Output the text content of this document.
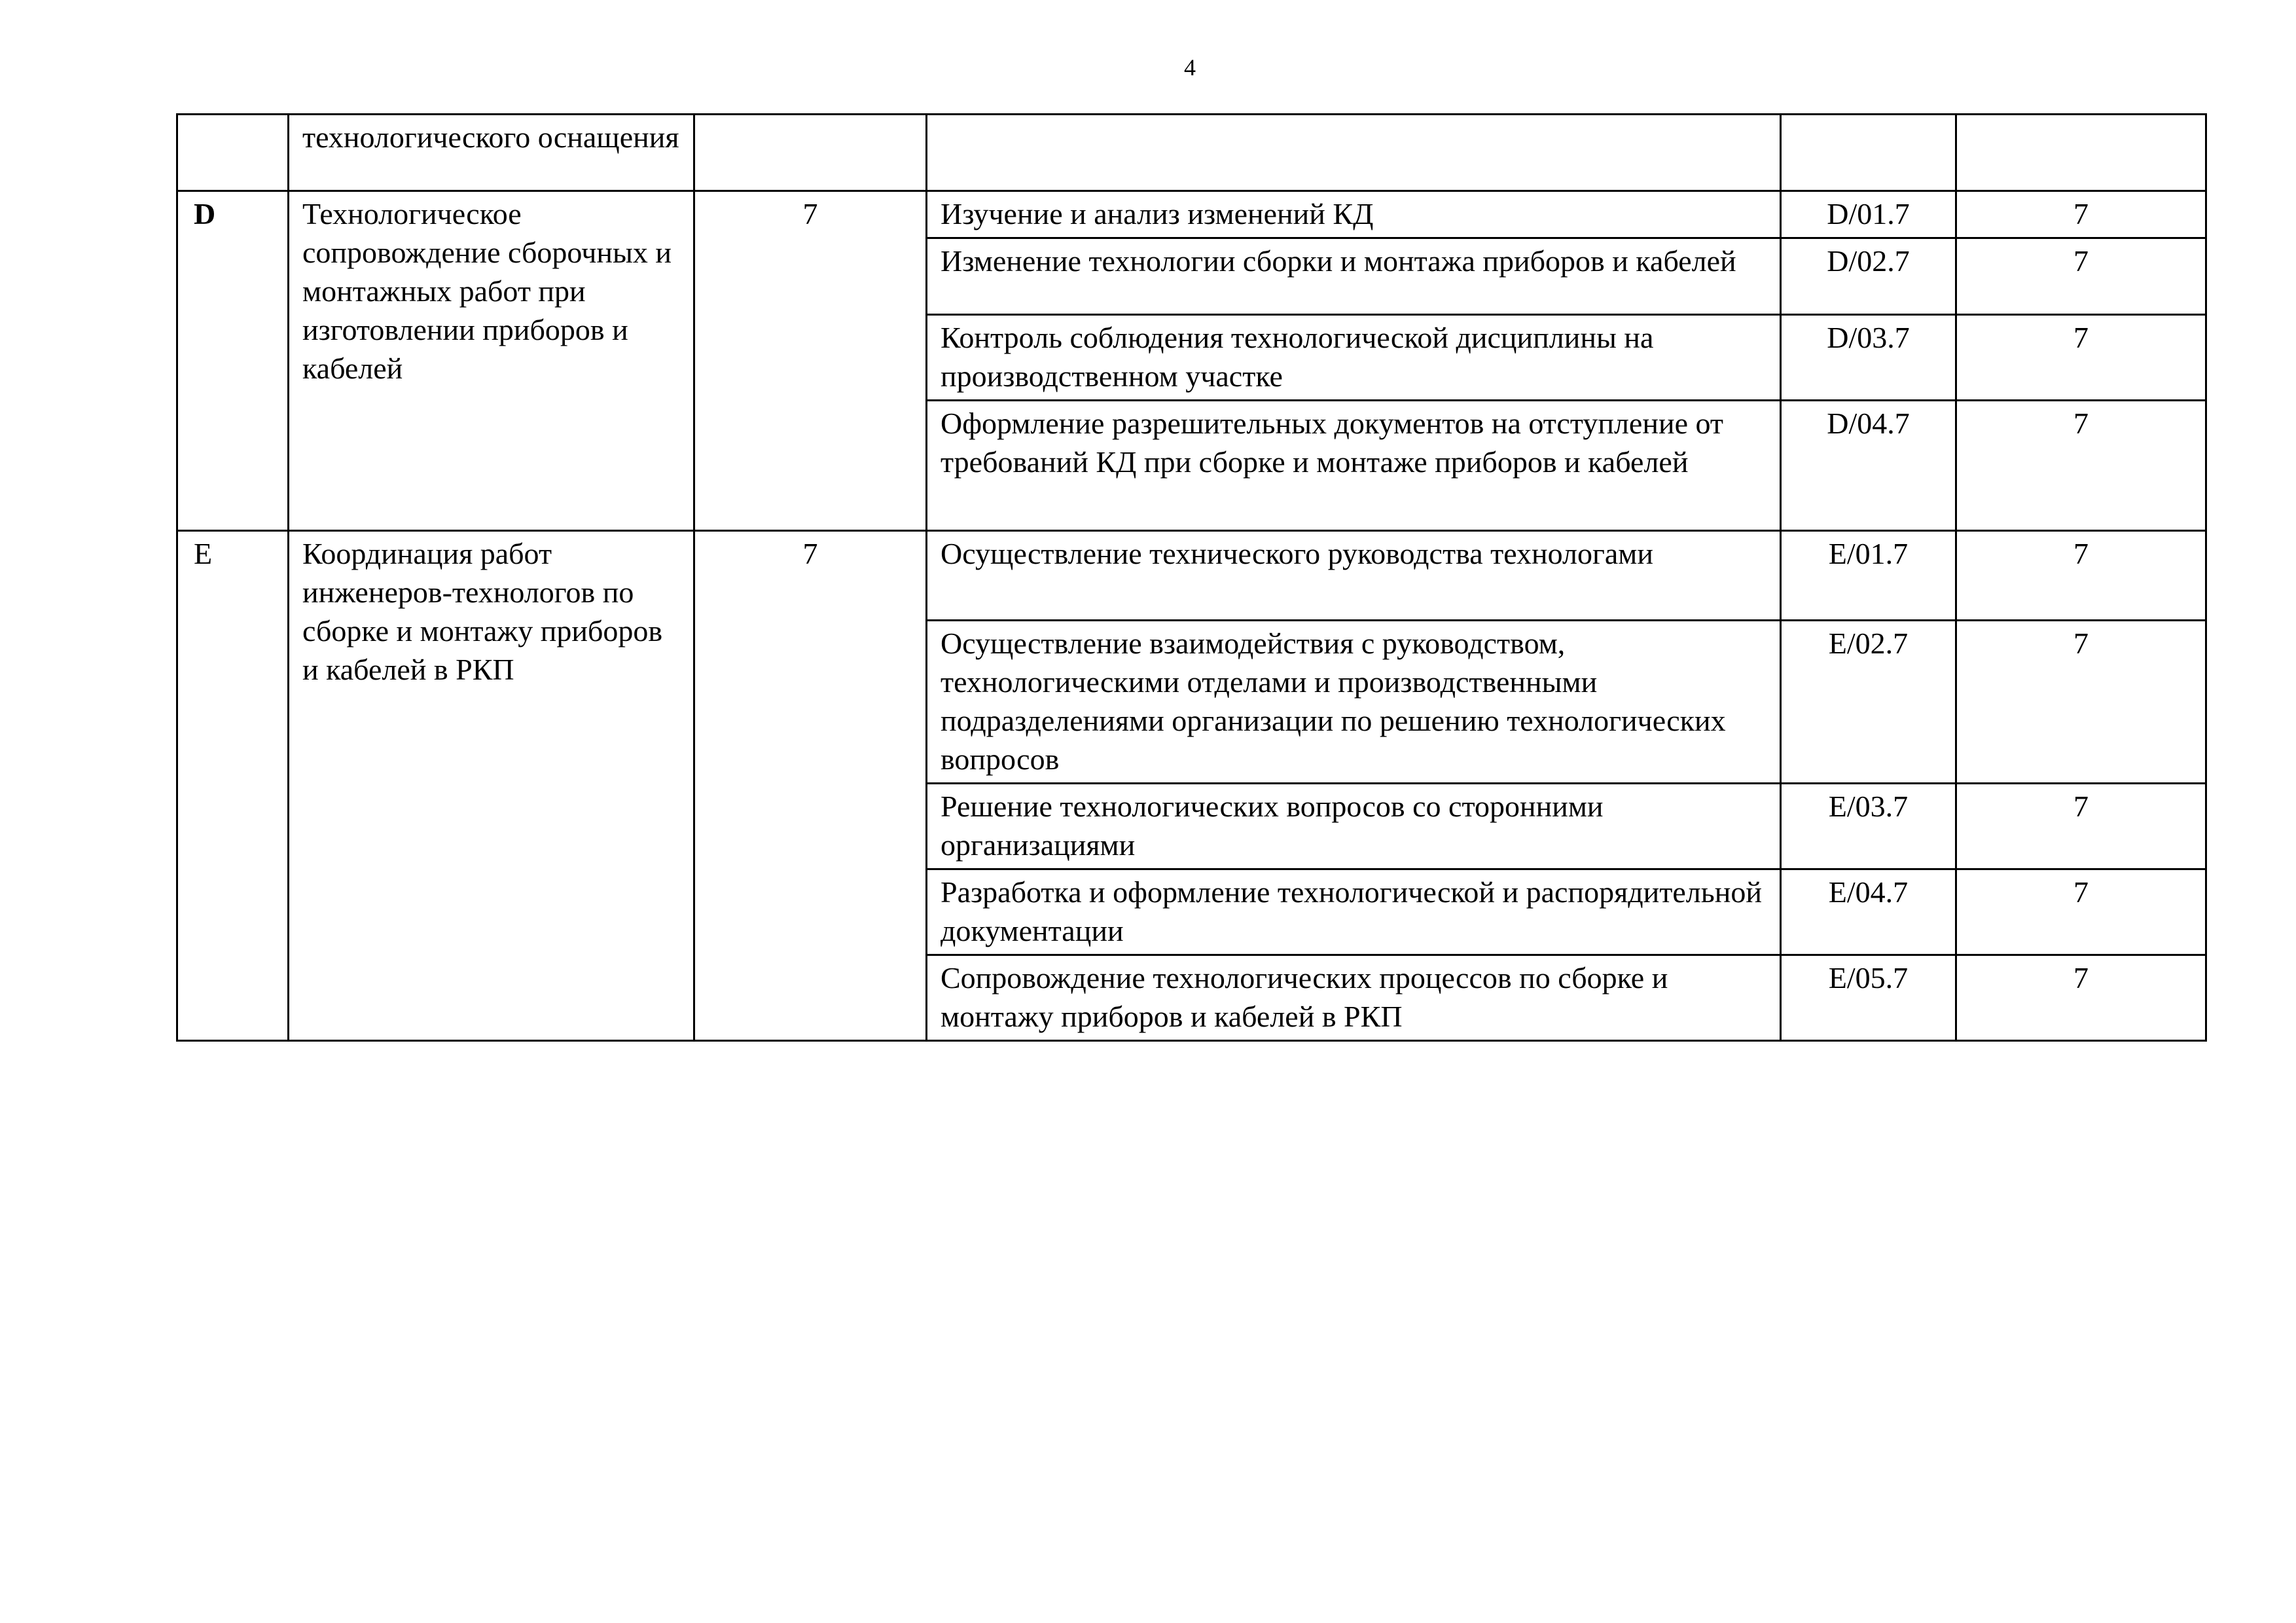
4
	технологического оснащения				
D	Технологическое сопровождение сборочных и монтажных работ при изготовлении приборов и кабелей	7	Изучение и анализ изменений КД	D/01.7	7
			Изменение технологии сборки и монтажа приборов и кабелей	D/02.7	7
			Контроль соблюдения технологической дисциплины на производственном участке	D/03.7	7
			Оформление разрешительных документов на отступление от требований КД при сборке и монтаже приборов и кабелей	D/04.7	7
E	Координация работ инженеров-технологов по сборке и монтажу приборов и кабелей в РКП	7	Осуществление технического руководства технологами	E/01.7	7
			Осуществление взаимодействия с руководством, технологическими отделами и производственными подразделениями организации по решению технологических вопросов	E/02.7	7
			Решение технологических вопросов со сторонними организациями	E/03.7	7
			Разработка и оформление технологической и распорядительной документации	E/04.7	7
			Сопровождение технологических процессов по сборке и монтажу приборов и кабелей в РКП	E/05.7	7
